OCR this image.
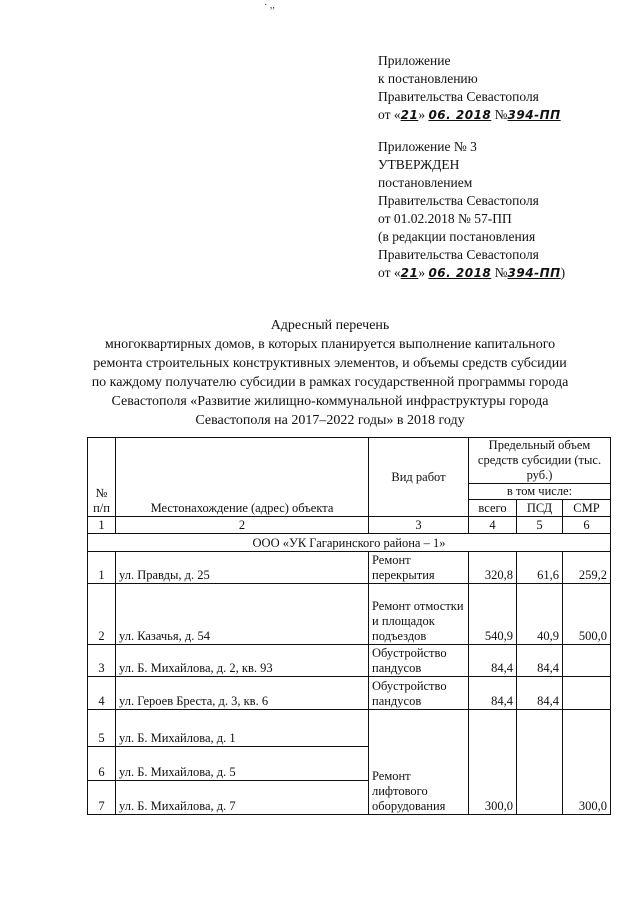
· ,,
Приложение
к постановлению
Правительства Севастополя
от «21» 06. 2018 №394-ПП
Приложение № 3
УТВЕРЖДЕН
постановлением
Правительства Севастополя
от 01.02.2018 № 57-ПП
(в редакции постановления
Правительства Севастополя
от «21» 06. 2018 №394-ПП)
Адресный перечень
многоквартирных домов, в которых планируется выполнение капитального
ремонта строительных конструктивных элементов, и объемы средств субсидии
по каждому получателю субсидии в рамках государственной программы города
Севастополя «Развитие жилищно-коммунальной инфраструктуры города
Севастополя на 2017–2022 годы» в 2018 году
№ п/п	Местонахождение (адрес) объекта	Вид работ	Предельный объем средств субсидии (тыс. руб.)		
			в том числе:		
			всего	ПСД	СМР
1	2	3	4	5	6
ООО «УК Гагаринского района – 1»					
1	ул. Правды, д. 25	Ремонт перекрытия	320,8	61,6	259,2
2	ул. Казачья, д. 54	Ремонт отмостки и площадок подъездов	540,9	40,9	500,0
3	ул. Б. Михайлова, д. 2, кв. 93	Обустройство пандусов	84,4	84,4	
4	ул. Героев Бреста, д. 3, кв. 6	Обустройство пандусов	84,4	84,4	
5	ул. Б. Михайлова, д. 1	Ремонт лифтового оборудования	300,0		300,0
6	ул. Б. Михайлова, д. 5				
7	ул. Б. Михайлова, д. 7				
